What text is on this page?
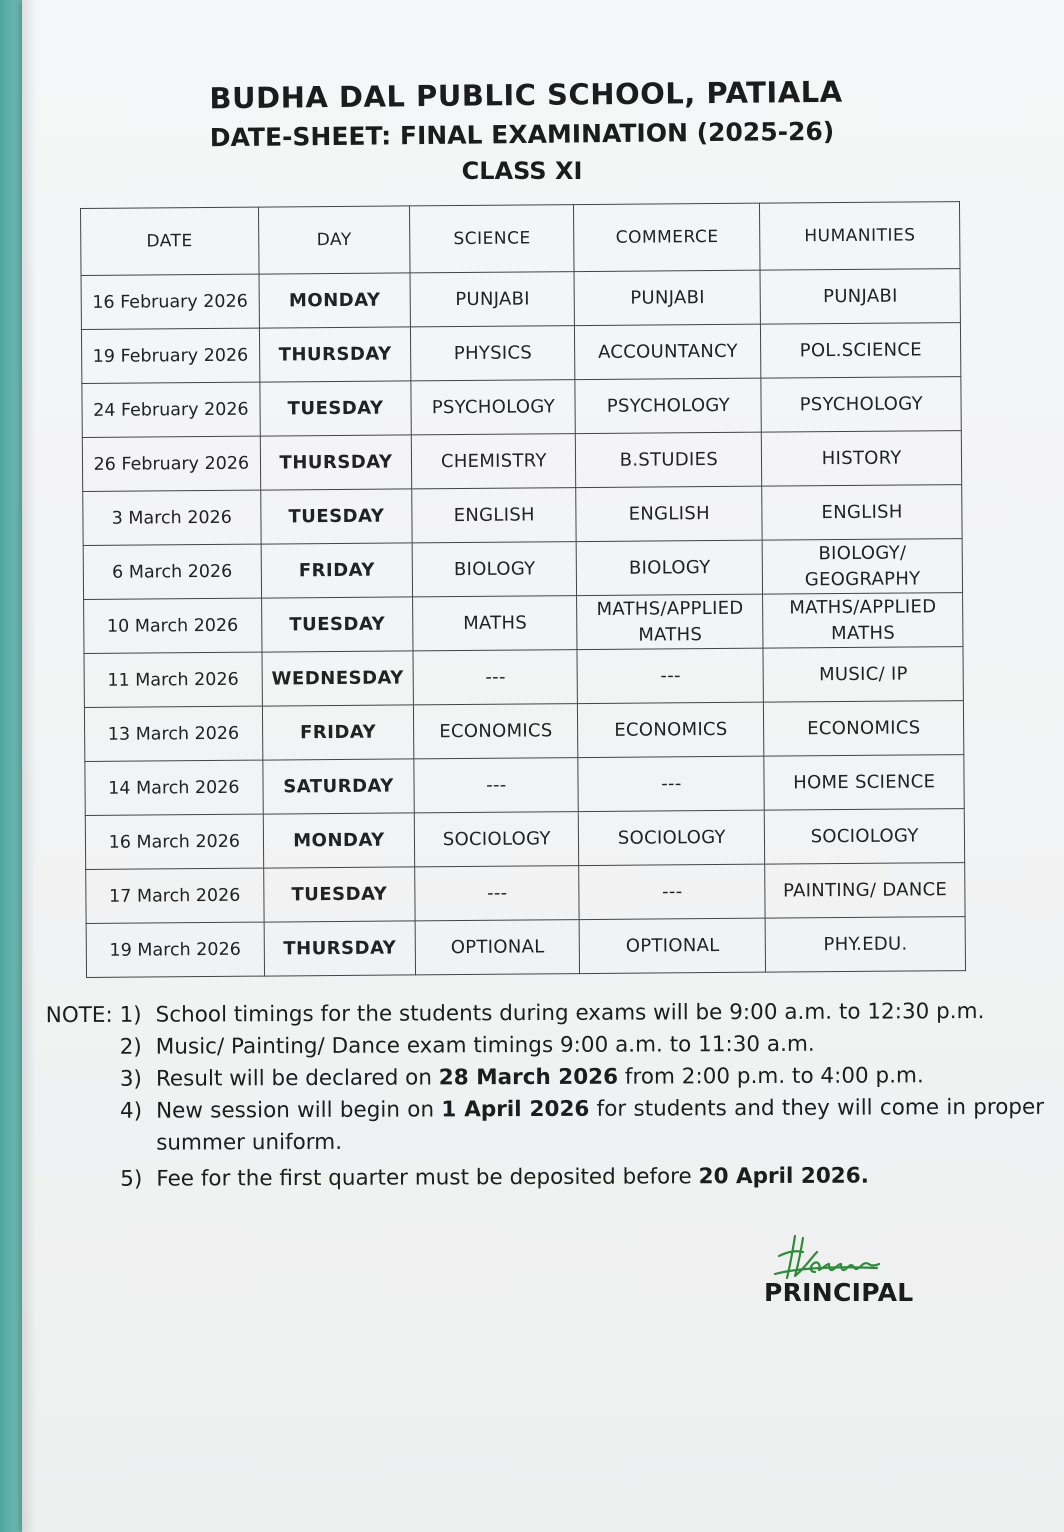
BUDHA DAL PUBLIC SCHOOL, PATIALA
DATE-SHEET: FINAL EXAMINATION (2025-26)
CLASS XI
DATE	DAY	SCIENCE	COMMERCE	HUMANITIES
16 February 2026	MONDAY	PUNJABI	PUNJABI	PUNJABI
19 February 2026	THURSDAY	PHYSICS	ACCOUNTANCY	POL.SCIENCE
24 February 2026	TUESDAY	PSYCHOLOGY	PSYCHOLOGY	PSYCHOLOGY
26 February 2026	THURSDAY	CHEMISTRY	B.STUDIES	HISTORY
3 March 2026	TUESDAY	ENGLISH	ENGLISH	ENGLISH
6 March 2026	FRIDAY	BIOLOGY	BIOLOGY	BIOLOGY/ GEOGRAPHY
10 March 2026	TUESDAY	MATHS	MATHS/APPLIED MATHS	MATHS/APPLIED MATHS
11 March 2026	WEDNESDAY	---	---	MUSIC/ IP
13 March 2026	FRIDAY	ECONOMICS	ECONOMICS	ECONOMICS
14 March 2026	SATURDAY	---	---	HOME SCIENCE
16 March 2026	MONDAY	SOCIOLOGY	SOCIOLOGY	SOCIOLOGY
17 March 2026	TUESDAY	---	---	PAINTING/ DANCE
19 March 2026	THURSDAY	OPTIONAL	OPTIONAL	PHY.EDU.
NOTE: 1) School timings for the students during exams will be 9:00 a.m. to 12:30 p.m.
2) Music/ Painting/ Dance exam timings 9:00 a.m. to 11:30 a.m.
3) Result will be declared on 28 March 2026 from 2:00 p.m. to 4:00 p.m.
4) New session will begin on 1 April 2026 for students and they will come in proper summer uniform.
5) Fee for the first quarter must be deposited before 20 April 2026.
PRINCIPAL
